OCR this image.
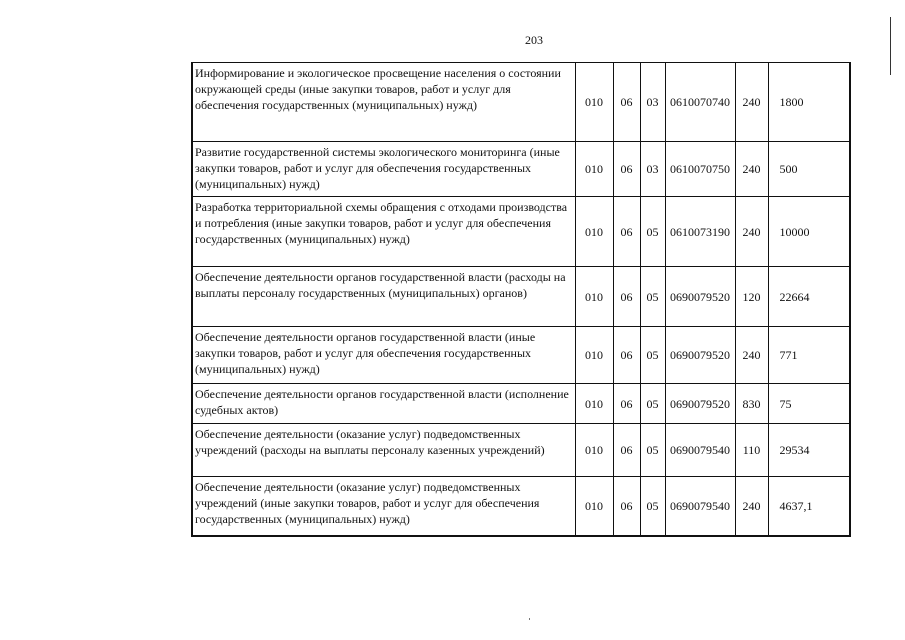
203
Информирование и экологическое просвещение населения о состоянии окружающей среды (иные закупки товаров, работ и услуг для обеспечения государственных (муниципальных) нужд)	010	06	03	0610070740	240	1800
Развитие государственной системы экологического мониторинга (иные закупки товаров, работ и услуг для обеспечения государственных (муниципальных) нужд)	010	06	03	0610070750	240	500
Разработка территориальной схемы обращения с отходами производства и потребления (иные закупки товаров, работ и услуг для обеспечения государственных (муниципальных) нужд)	010	06	05	0610073190	240	10000
Обеспечение деятельности органов государственной власти (расходы на выплаты персоналу государственных (муниципальных) органов)	010	06	05	0690079520	120	22664
Обеспечение деятельности органов государственной власти (иные закупки товаров, работ и услуг для обеспечения государственных (муниципальных) нужд)	010	06	05	0690079520	240	771
Обеспечение деятельности органов государственной власти (исполнение судебных актов)	010	06	05	0690079520	830	75
Обеспечение деятельности (оказание услуг) подведомственных учреждений (расходы на выплаты персоналу казенных учреждений)	010	06	05	0690079540	110	29534
Обеспечение деятельности (оказание услуг) подведомственных учреждений (иные закупки товаров, работ и услуг для обеспечения государственных (муниципальных) нужд)	010	06	05	0690079540	240	4637,1
